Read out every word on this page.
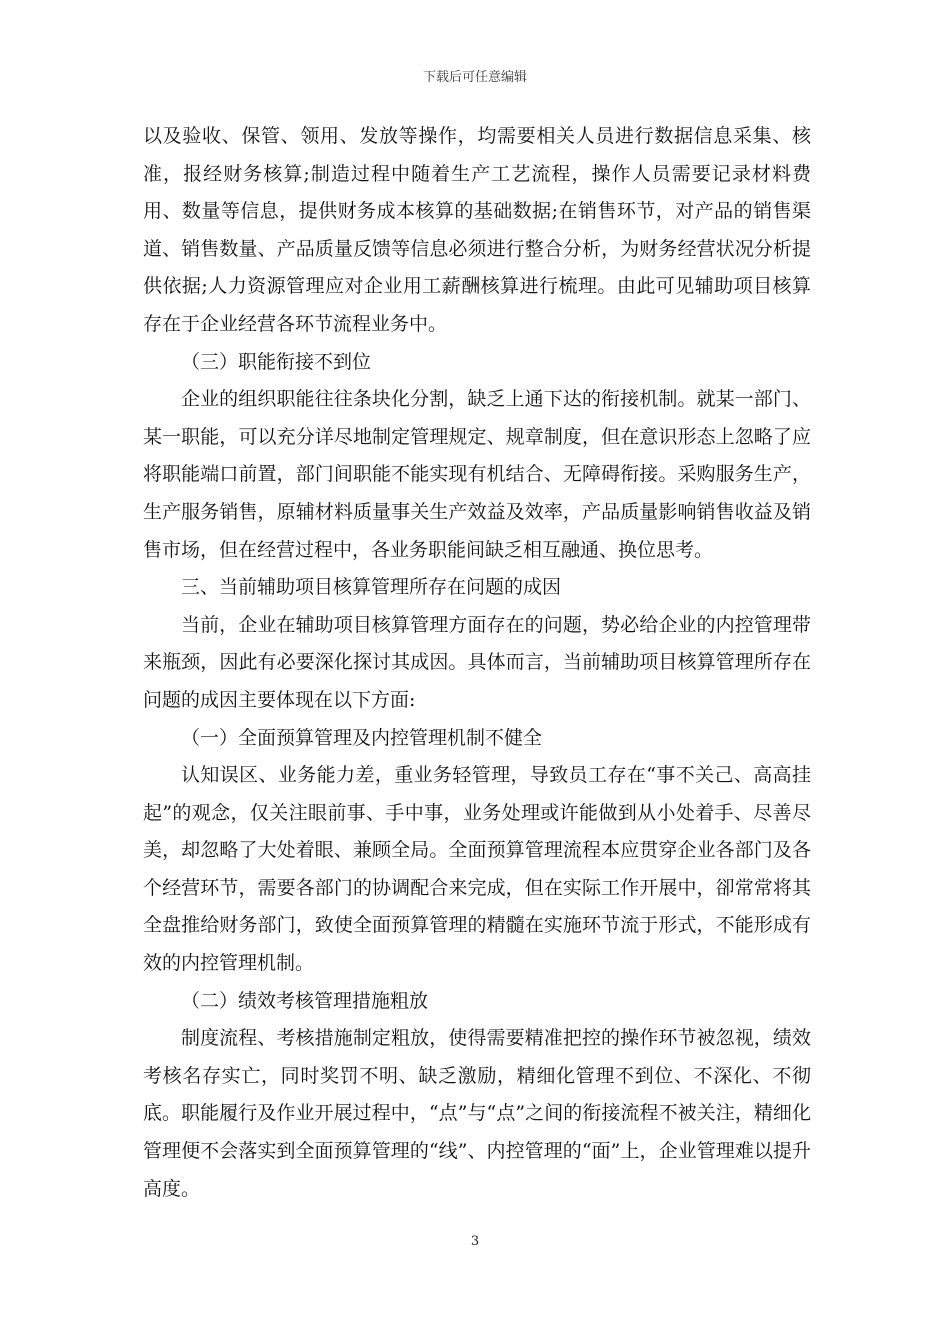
下载后可任意编辑

以及验收、保管、领用、发放等操作，均需要相关人员进行数据信息采集、核准，报经财务核算;制造过程中随着生产工艺流程，操作人员需要记录材料费用、数量等信息，提供财务成本核算的基础数据;在销售环节，对产品的销售渠道、销售数量、产品质量反馈等信息必须进行整合分析，为财务经营状况分析提供依据;人力资源管理应对企业用工薪酬核算进行梳理。由此可见辅助项目核算存在于企业经营各环节流程业务中。

（三）职能衔接不到位

企业的组织职能往往条块化分割，缺乏上通下达的衔接机制。就某一部门、某一职能，可以充分详尽地制定管理规定、规章制度，但在意识形态上忽略了应将职能端口前置，部门间职能不能实现有机结合、无障碍衔接。采购服务生产，生产服务销售，原辅材料质量事关生产效益及效率，产品质量影响销售收益及销售市场，但在经营过程中，各业务职能间缺乏相互融通、换位思考。

三、当前辅助项目核算管理所存在问题的成因

当前，企业在辅助项目核算管理方面存在的问题，势必给企业的内控管理带来瓶颈，因此有必要深化探讨其成因。具体而言，当前辅助项目核算管理所存在问题的成因主要体现在以下方面:

（一）全面预算管理及内控管理机制不健全

认知误区、业务能力差，重业务轻管理，导致员工存在“事不关己、高高挂起”的观念，仅关注眼前事、手中事，业务处理或许能做到从小处着手、尽善尽美，却忽略了大处着眼、兼顾全局。全面预算管理流程本应贯穿企业各部门及各个经营环节，需要各部门的协调配合来完成，但在实际工作开展中，卻常常将其全盘推给财务部门，致使全面预算管理的精髓在实施环节流于形式，不能形成有效的内控管理机制。

（二）绩效考核管理措施粗放

制度流程、考核措施制定粗放，使得需要精准把控的操作环节被忽视，绩效考核名存实亡，同时奖罚不明、缺乏激励，精细化管理不到位、不深化、不彻底。职能履行及作业开展过程中，“点”与“点”之间的衔接流程不被关注，精细化管理便不会落实到全面预算管理的“线”、内控管理的“面”上，企业管理难以提升高度。

3
